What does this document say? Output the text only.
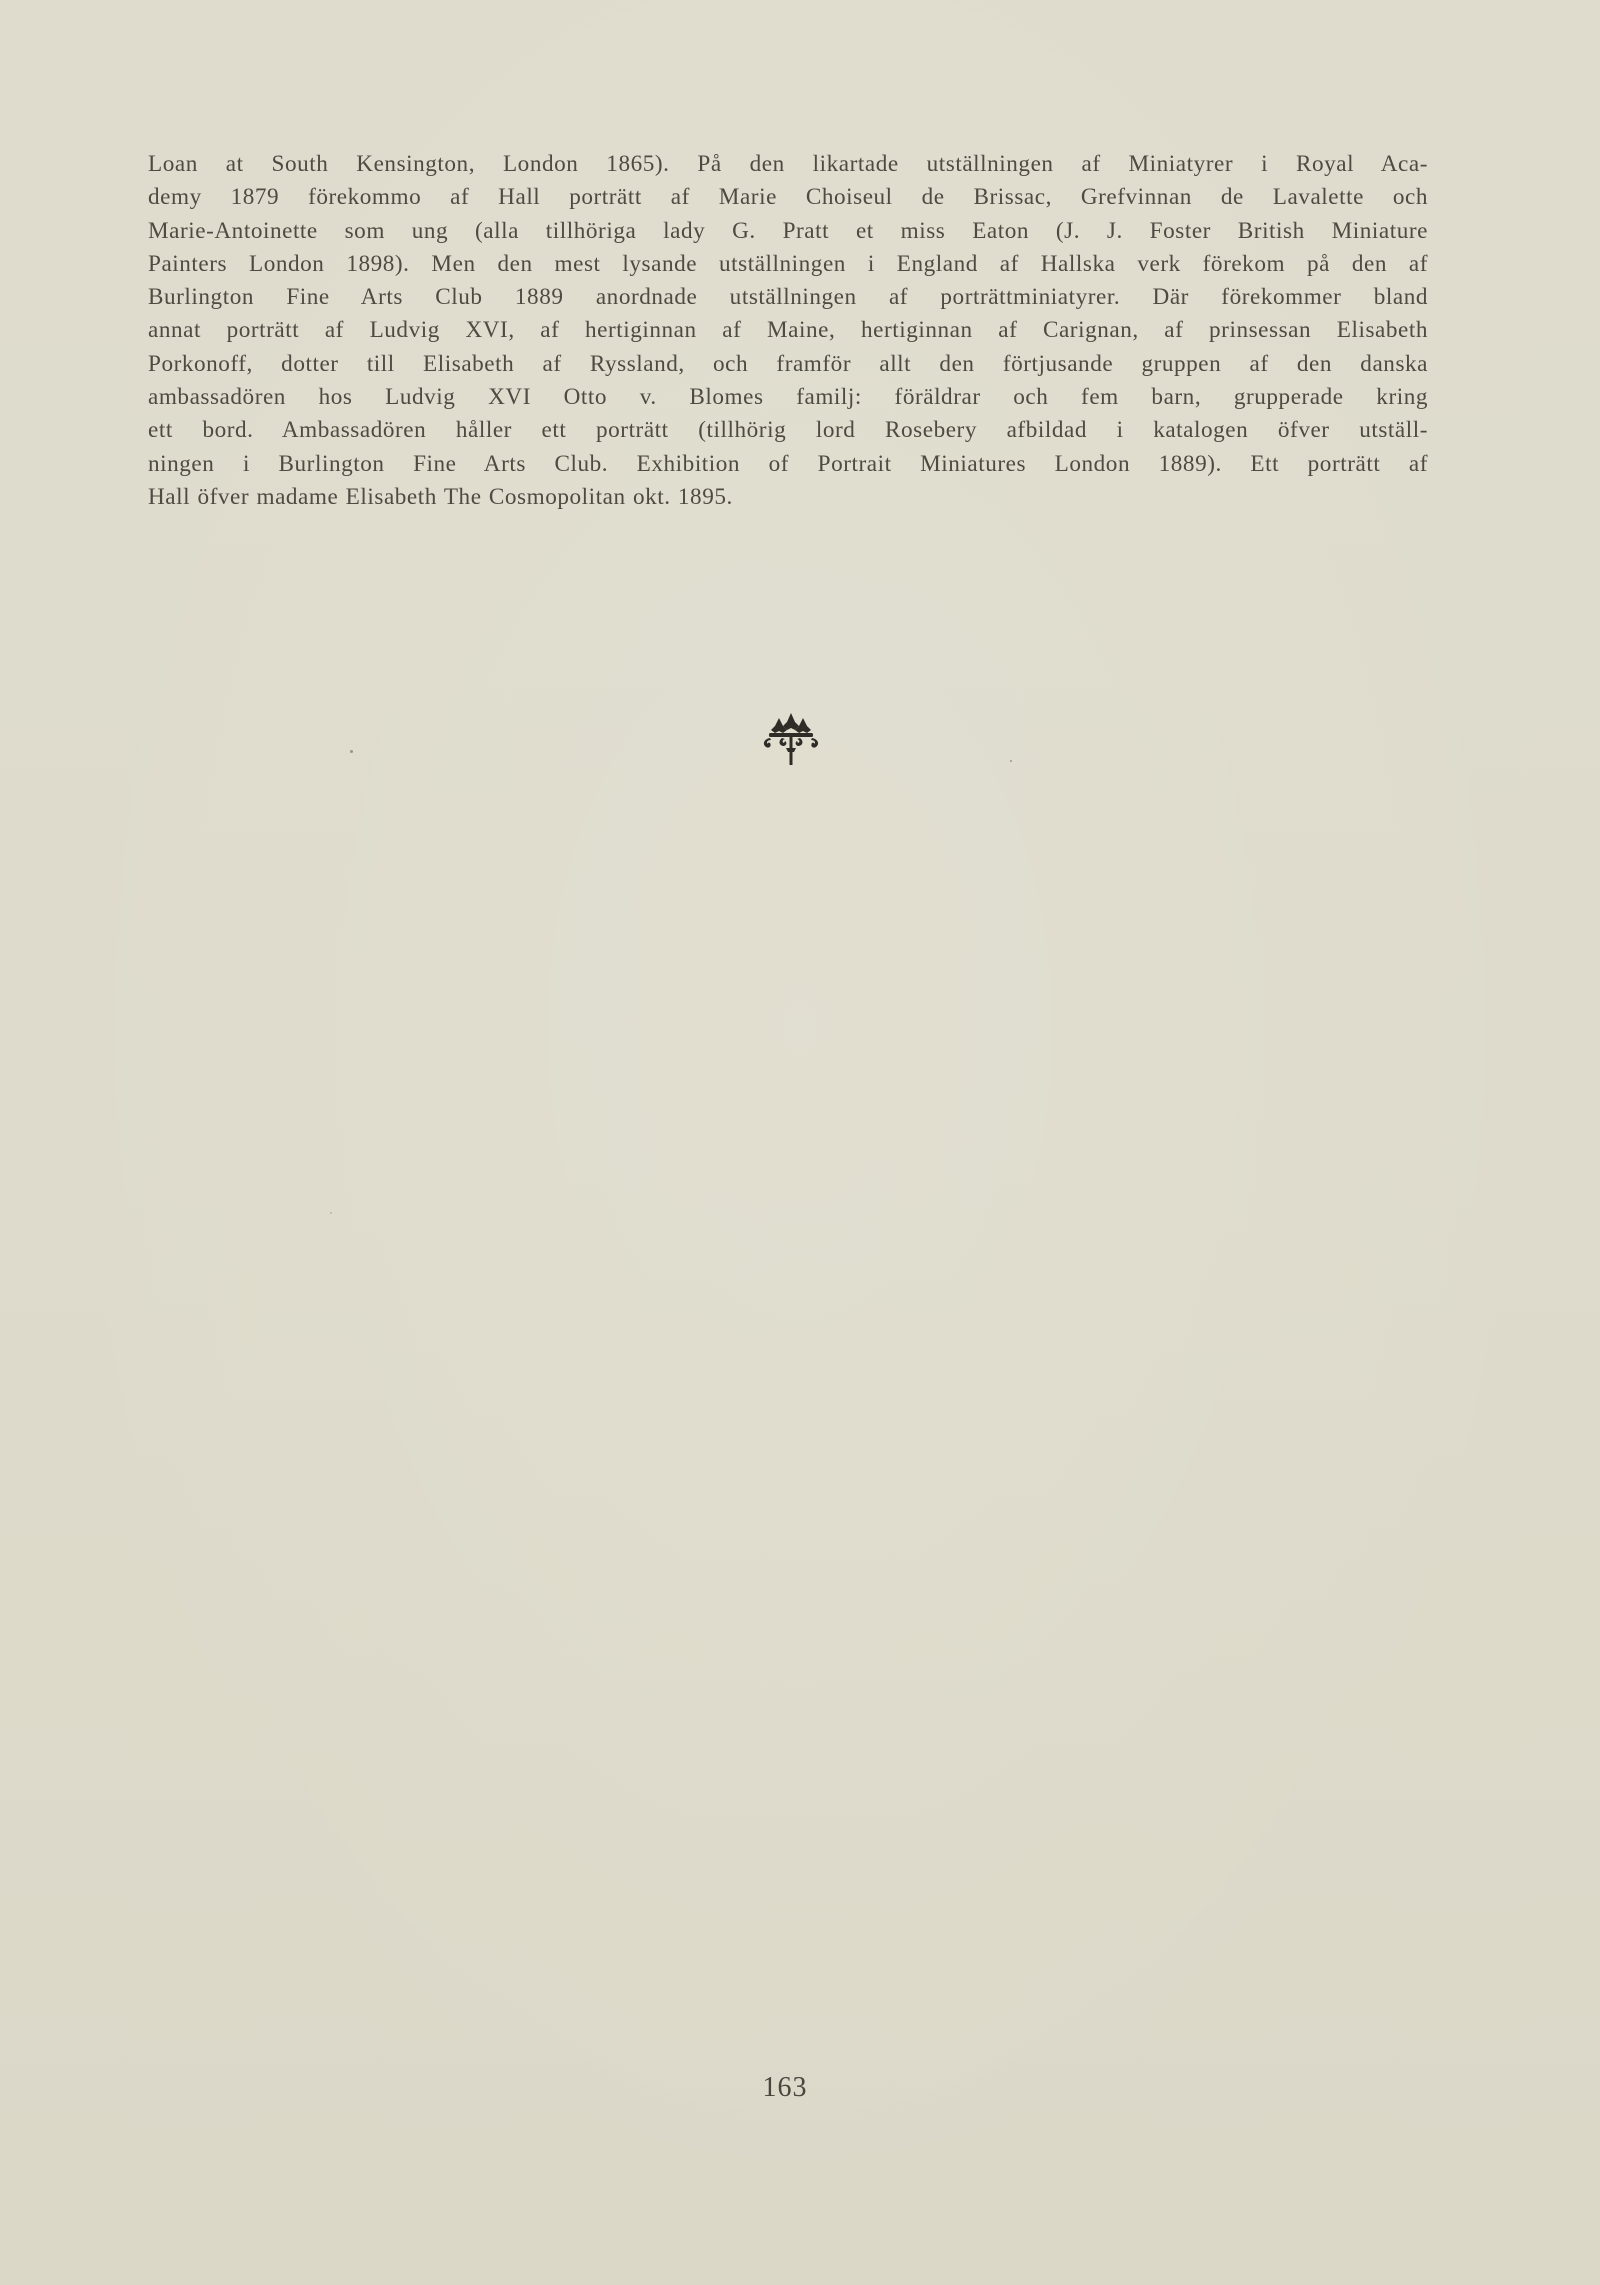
Loan at South Kensington, London 1865). På den likartade utställningen af Miniatyrer i Royal Aca-
demy 1879 förekommo af Hall porträtt af Marie Choiseul de Brissac, Grefvinnan de Lavalette och
Marie-Antoinette som ung (alla tillhöriga lady G. Pratt et miss Eaton (J. J. Foster British Miniature
Painters London 1898). Men den mest lysande utställningen i England af Hallska verk förekom på den af
Burlington Fine Arts Club 1889 anordnade utställningen af porträttminiatyrer. Där förekommer bland
annat porträtt af Ludvig XVI, af hertiginnan af Maine, hertiginnan af Carignan, af prinsessan Elisabeth
Porkonoff, dotter till Elisabeth af Ryssland, och framför allt den förtjusande gruppen af den danska
ambassadören hos Ludvig XVI Otto v. Blomes familj: föräldrar och fem barn, grupperade kring
ett bord. Ambassadören håller ett porträtt (tillhörig lord Rosebery afbildad i katalogen öfver utställ-
ningen i Burlington Fine Arts Club. Exhibition of Portrait Miniatures London 1889). Ett porträtt af
Hall öfver madame Elisabeth The Cosmopolitan okt. 1895.

163
